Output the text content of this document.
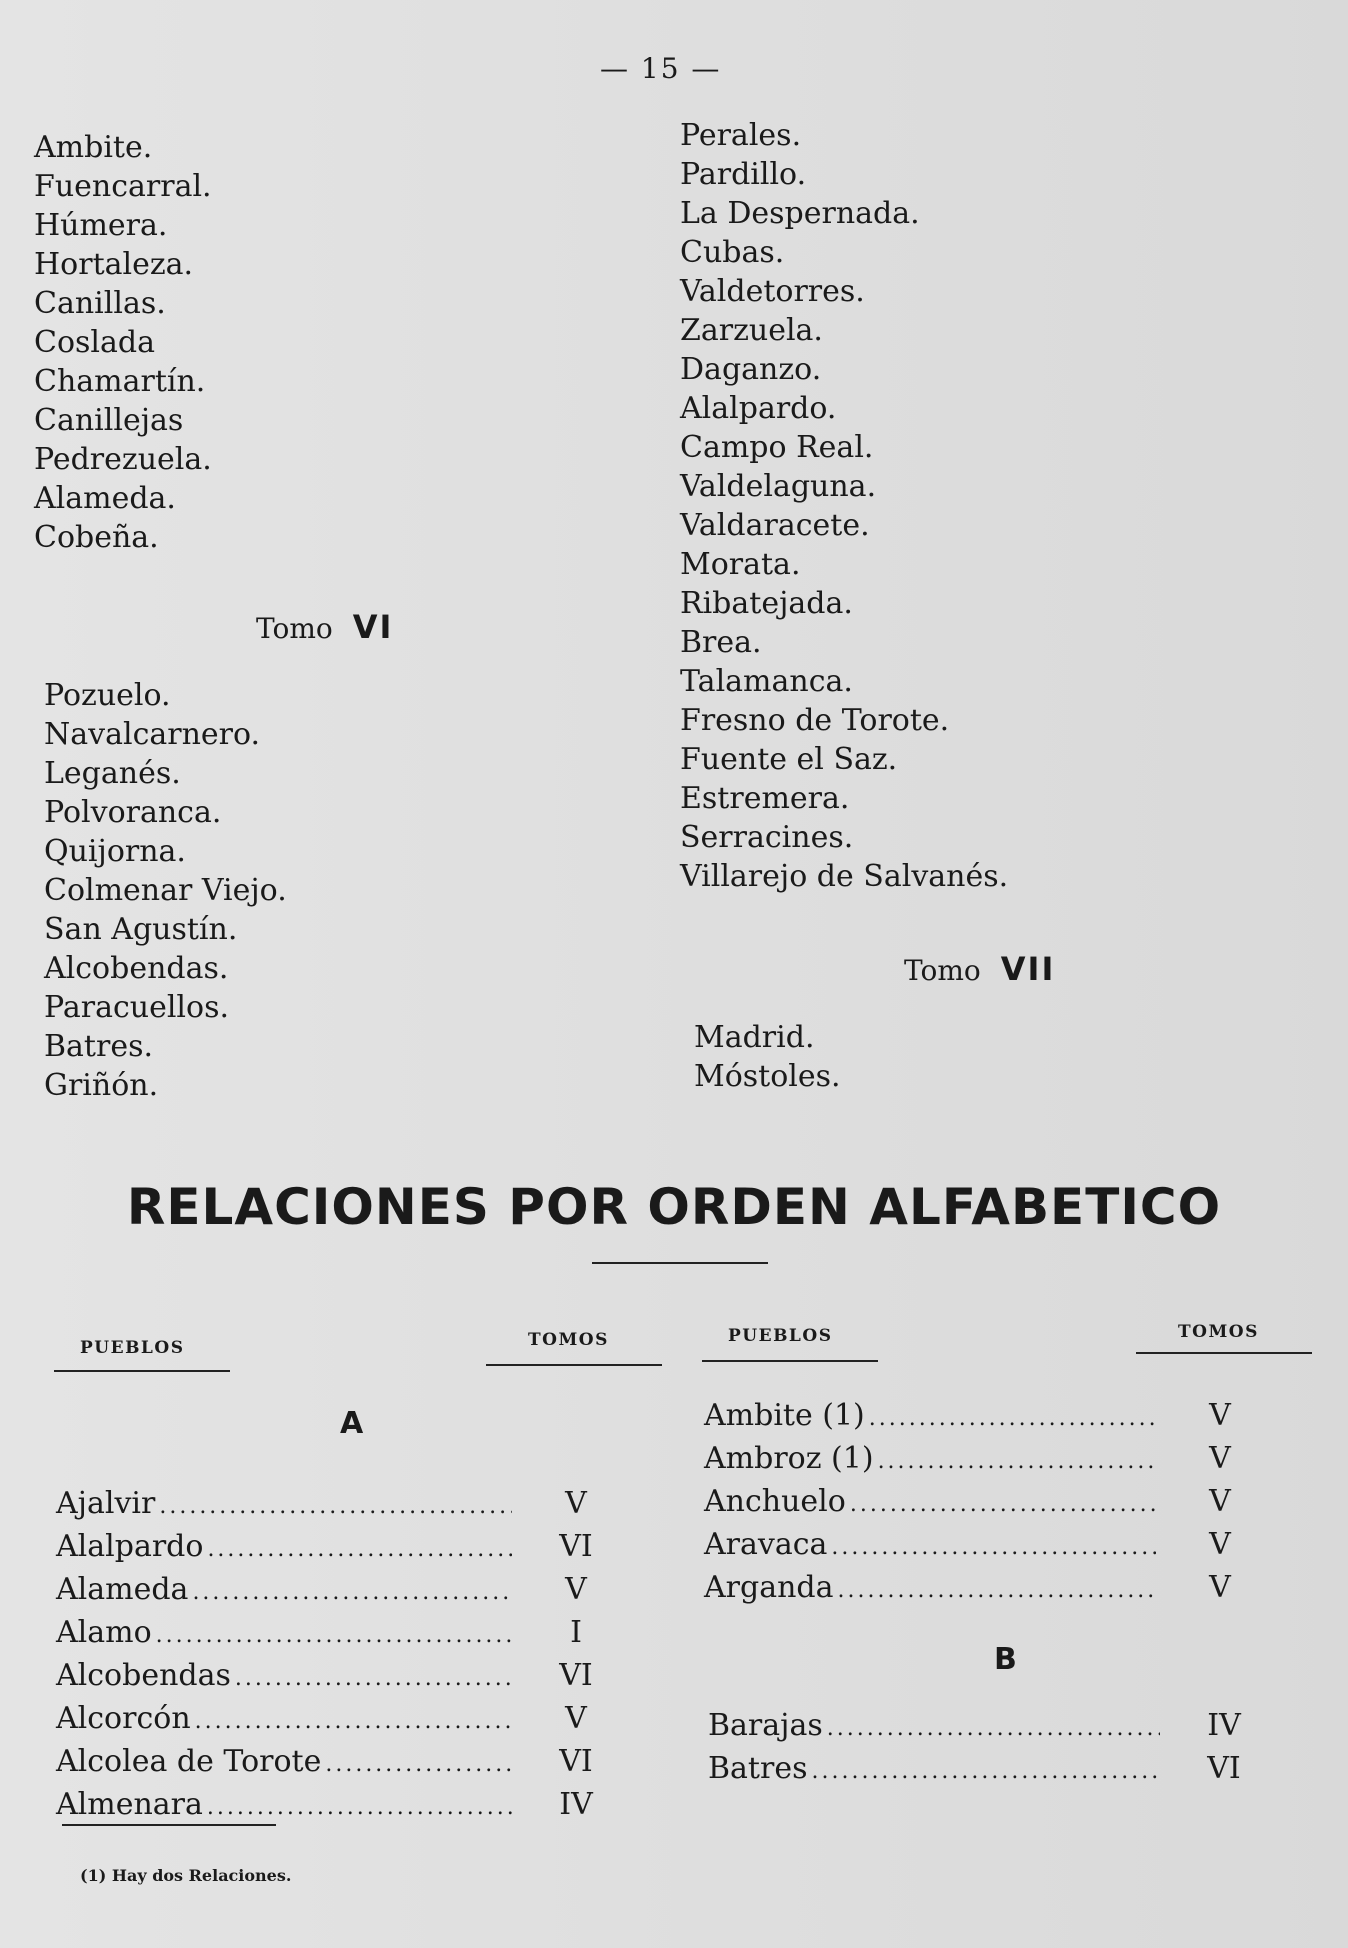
— 15 —
Ambite.
Fuencarral.
Húmera.
Hortaleza.
Canillas.
Coslada
Chamartín.
Canillejas
Pedrezuela.
Alameda.
Cobeña.
Tomo VI
Pozuelo.
Navalcarnero.
Leganés.
Polvoranca.
Quijorna.
Colmenar Viejo.
San Agustín.
Alcobendas.
Paracuellos.
Batres.
Griñón.
Perales.
Pardillo.
La Despernada.
Cubas.
Valdetorres.
Zarzuela.
Daganzo.
Alalpardo.
Campo Real.
Valdelaguna.
Valdaracete.
Morata.
Ribatejada.
Brea.
Talamanca.
Fresno de Torote.
Fuente el Saz.
Estremera.
Serracines.
Villarejo de Salvanés.
Tomo VII
Madrid.
Móstoles.
RELACIONES POR ORDEN ALFABETICO
PUEBLOS	TOMOS	PUEBLOS	TOMOS
A
Ajalvir .....	V
Alalpardo .....	VI
Alameda .....	V
Alamo .....	I
Alcobendas .....	VI
Alcorcón .....	V
Alcolea de Torote .....	VI
Almenara .....	IV
Ambite (1) .....	V
Ambroz (1) .....	V
Anchuelo .....	V
Aravaca .....	V
Arganda .....	V
B
Barajas .....	IV
Batres .....	VI
(1) Hay dos Relaciones.
